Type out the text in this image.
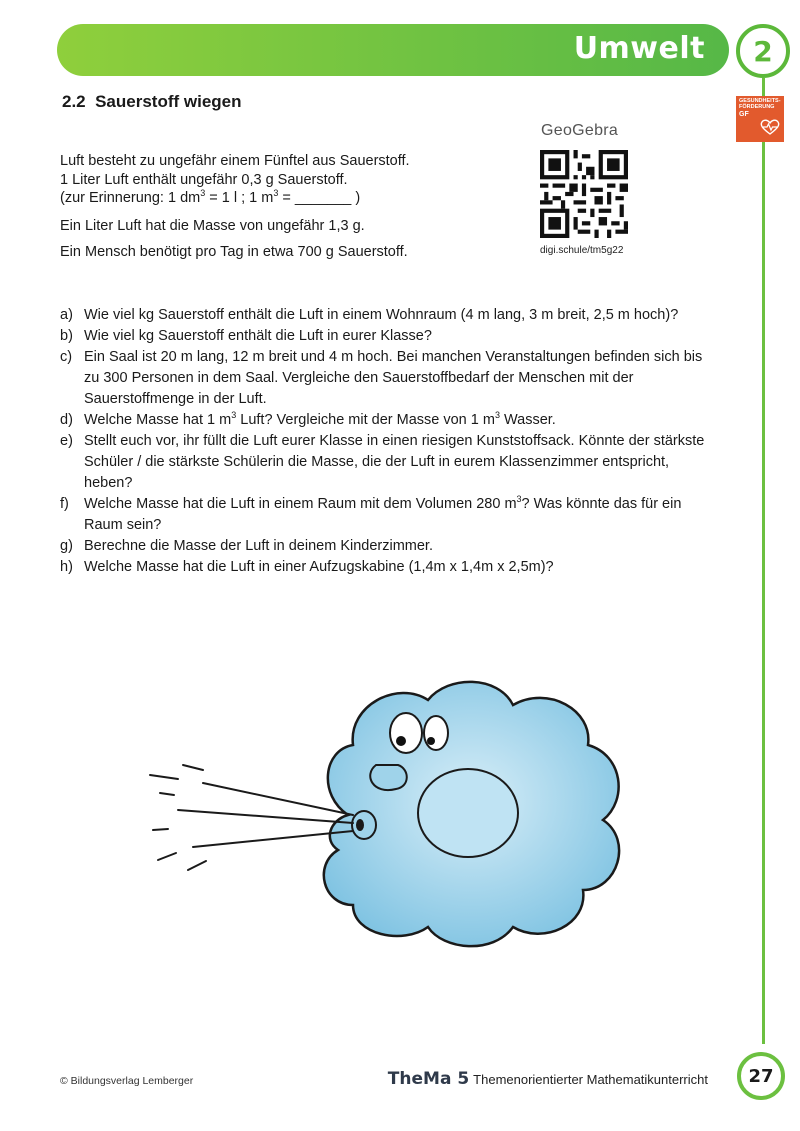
Umwelt 2
GESUNDHEITS-FÖRDERUNG
GF
2.2 Sauerstoff wiegen

Luft besteht zu ungefähr einem Fünftel aus Sauerstoff.

1 Liter Luft enthält ungefähr 0,3 g Sauerstoff.

(zur Erinnerung: 1 $dm^3 = 1$ l ; 1 $m^3$ = _______ )

Ein Liter Luft hat die Masse von ungefähr 1,3 g.

Ein Mensch benötigt pro Tag in etwa 700 g Sauerstoff.

GeoGebra
digi.schule/tm5g22
a) Wie viel kg Sauerstoff enthält die Luft in einem Wohnraum (4 m lang, 3 m breit, 2,5 m hoch)?
b) Wie viel kg Sauerstoff enthält die Luft in eurer Klasse?
c) Ein Saal ist 20 m lang, 12 m breit und 4 m hoch. Bei manchen Veranstaltungen befinden sich bis zu 300 Personen in dem Saal. Vergleiche den Sauerstoffbedarf der Menschen mit der Sauerstoffmenge in der Luft.
d) Welche Masse hat 1 $m^3$ Luft? Vergleiche mit der Masse von 1 $m^3$ Wasser.
e) Stellt euch vor, ihr füllt die Luft eurer Klasse in einen riesigen Kunststoffsack. Könnte der stärkste Schüler / die stärkste Schülerin die Masse, die der Luft in eurem Klassenzimmer entspricht, heben?
f)	Welche Masse hat die Luft in einem Raum mit dem Volumen 280 $m^3$? Was könnte das für ein Raum sein?
g) Berechne die Masse der Luft in deinem Kinderzimmer.
h) Welche Masse hat die Luft in einer Aufzugskabine (1,4m x 1,4m x 2,5m)?
© Bildungsverlag Lemberger	TheMa 5 Themenorientierter Mathematikunterricht 27
